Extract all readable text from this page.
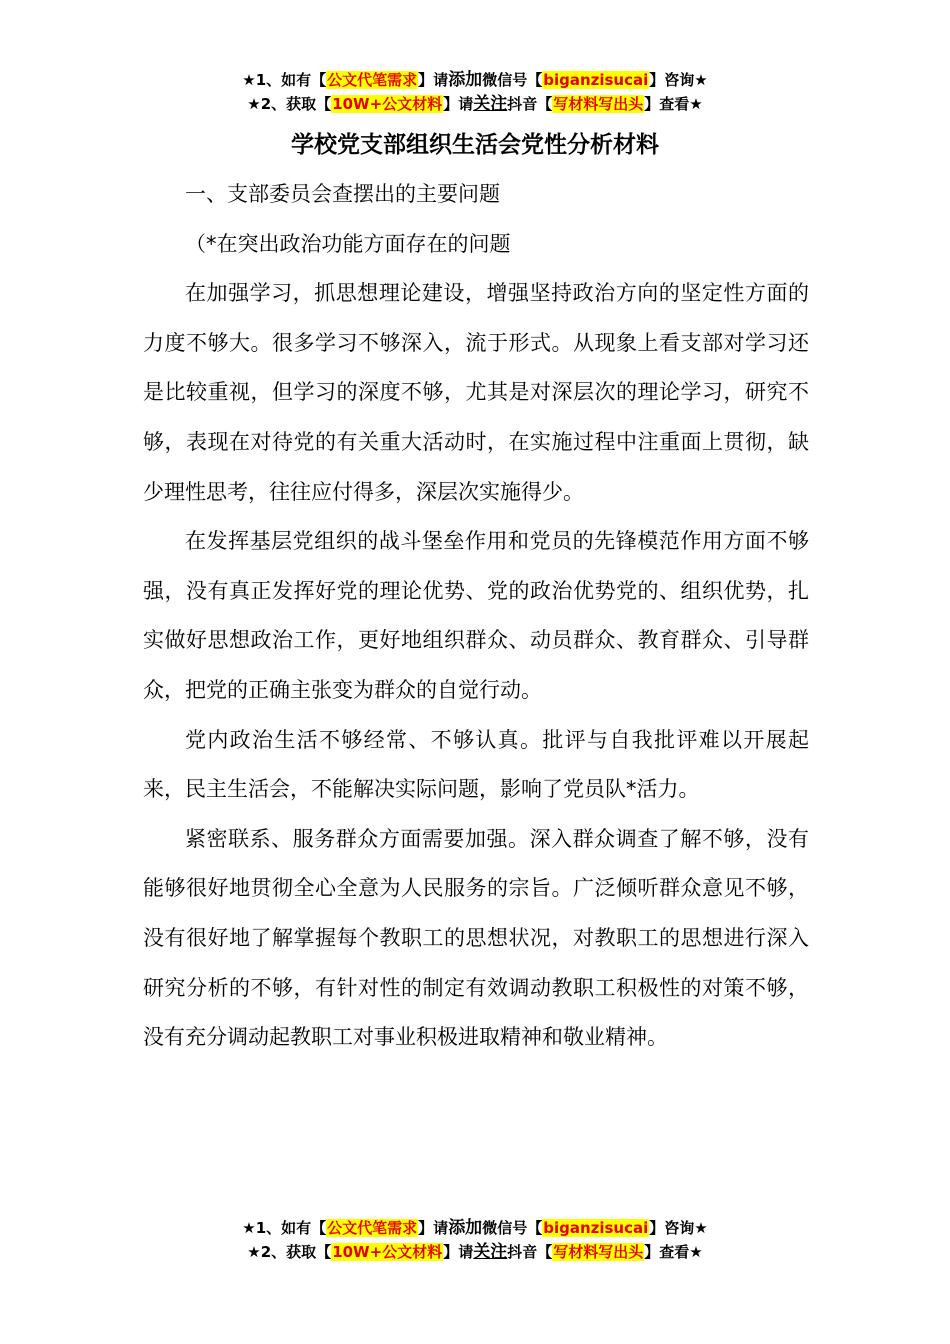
★1、如有【公文代笔需求】请添加微信号【biganzisucai】咨询★
★2、获取【10W+公文材料】请关注抖音【写材料写出头】查看★
学校党支部组织生活会党性分析材料

一、支部委员会查摆出的主要问题

（*在突出政治功能方面存在的问题

在加强学习，抓思想理论建设，增强坚持政治方向的坚定性方面的力度不够大。很多学习不够深入，流于形式。从现象上看支部对学习还是比较重视，但学习的深度不够，尤其是对深层次的理论学习，研究不够，表现在对待党的有关重大活动时，在实施过程中注重面上贯彻，缺少理性思考，往往应付得多，深层次实施得少。

在发挥基层党组织的战斗堡垒作用和党员的先锋模范作用方面不够强，没有真正发挥好党的理论优势、党的政治优势党的、组织优势，扎实做好思想政治工作，更好地组织群众、动员群众、教育群众、引导群众，把党的正确主张变为群众的自觉行动。

党内政治生活不够经常、不够认真。批评与自我批评难以开展起来，民主生活会，不能解决实际问题，影响了党员队*活力。

紧密联系、服务群众方面需要加强。深入群众调查了解不够，没有能够很好地贯彻全心全意为人民服务的宗旨。广泛倾听群众意见不够，没有很好地了解掌握每个教职工的思想状况，对教职工的思想进行深入研究分析的不够，有针对性的制定有效调动教职工积极性的对策不够，没有充分调动起教职工对事业积极进取精神和敬业精神。

★1、如有【公文代笔需求】请添加微信号【biganzisucai】咨询★
★2、获取【10W+公文材料】请关注抖音【写材料写出头】查看★
